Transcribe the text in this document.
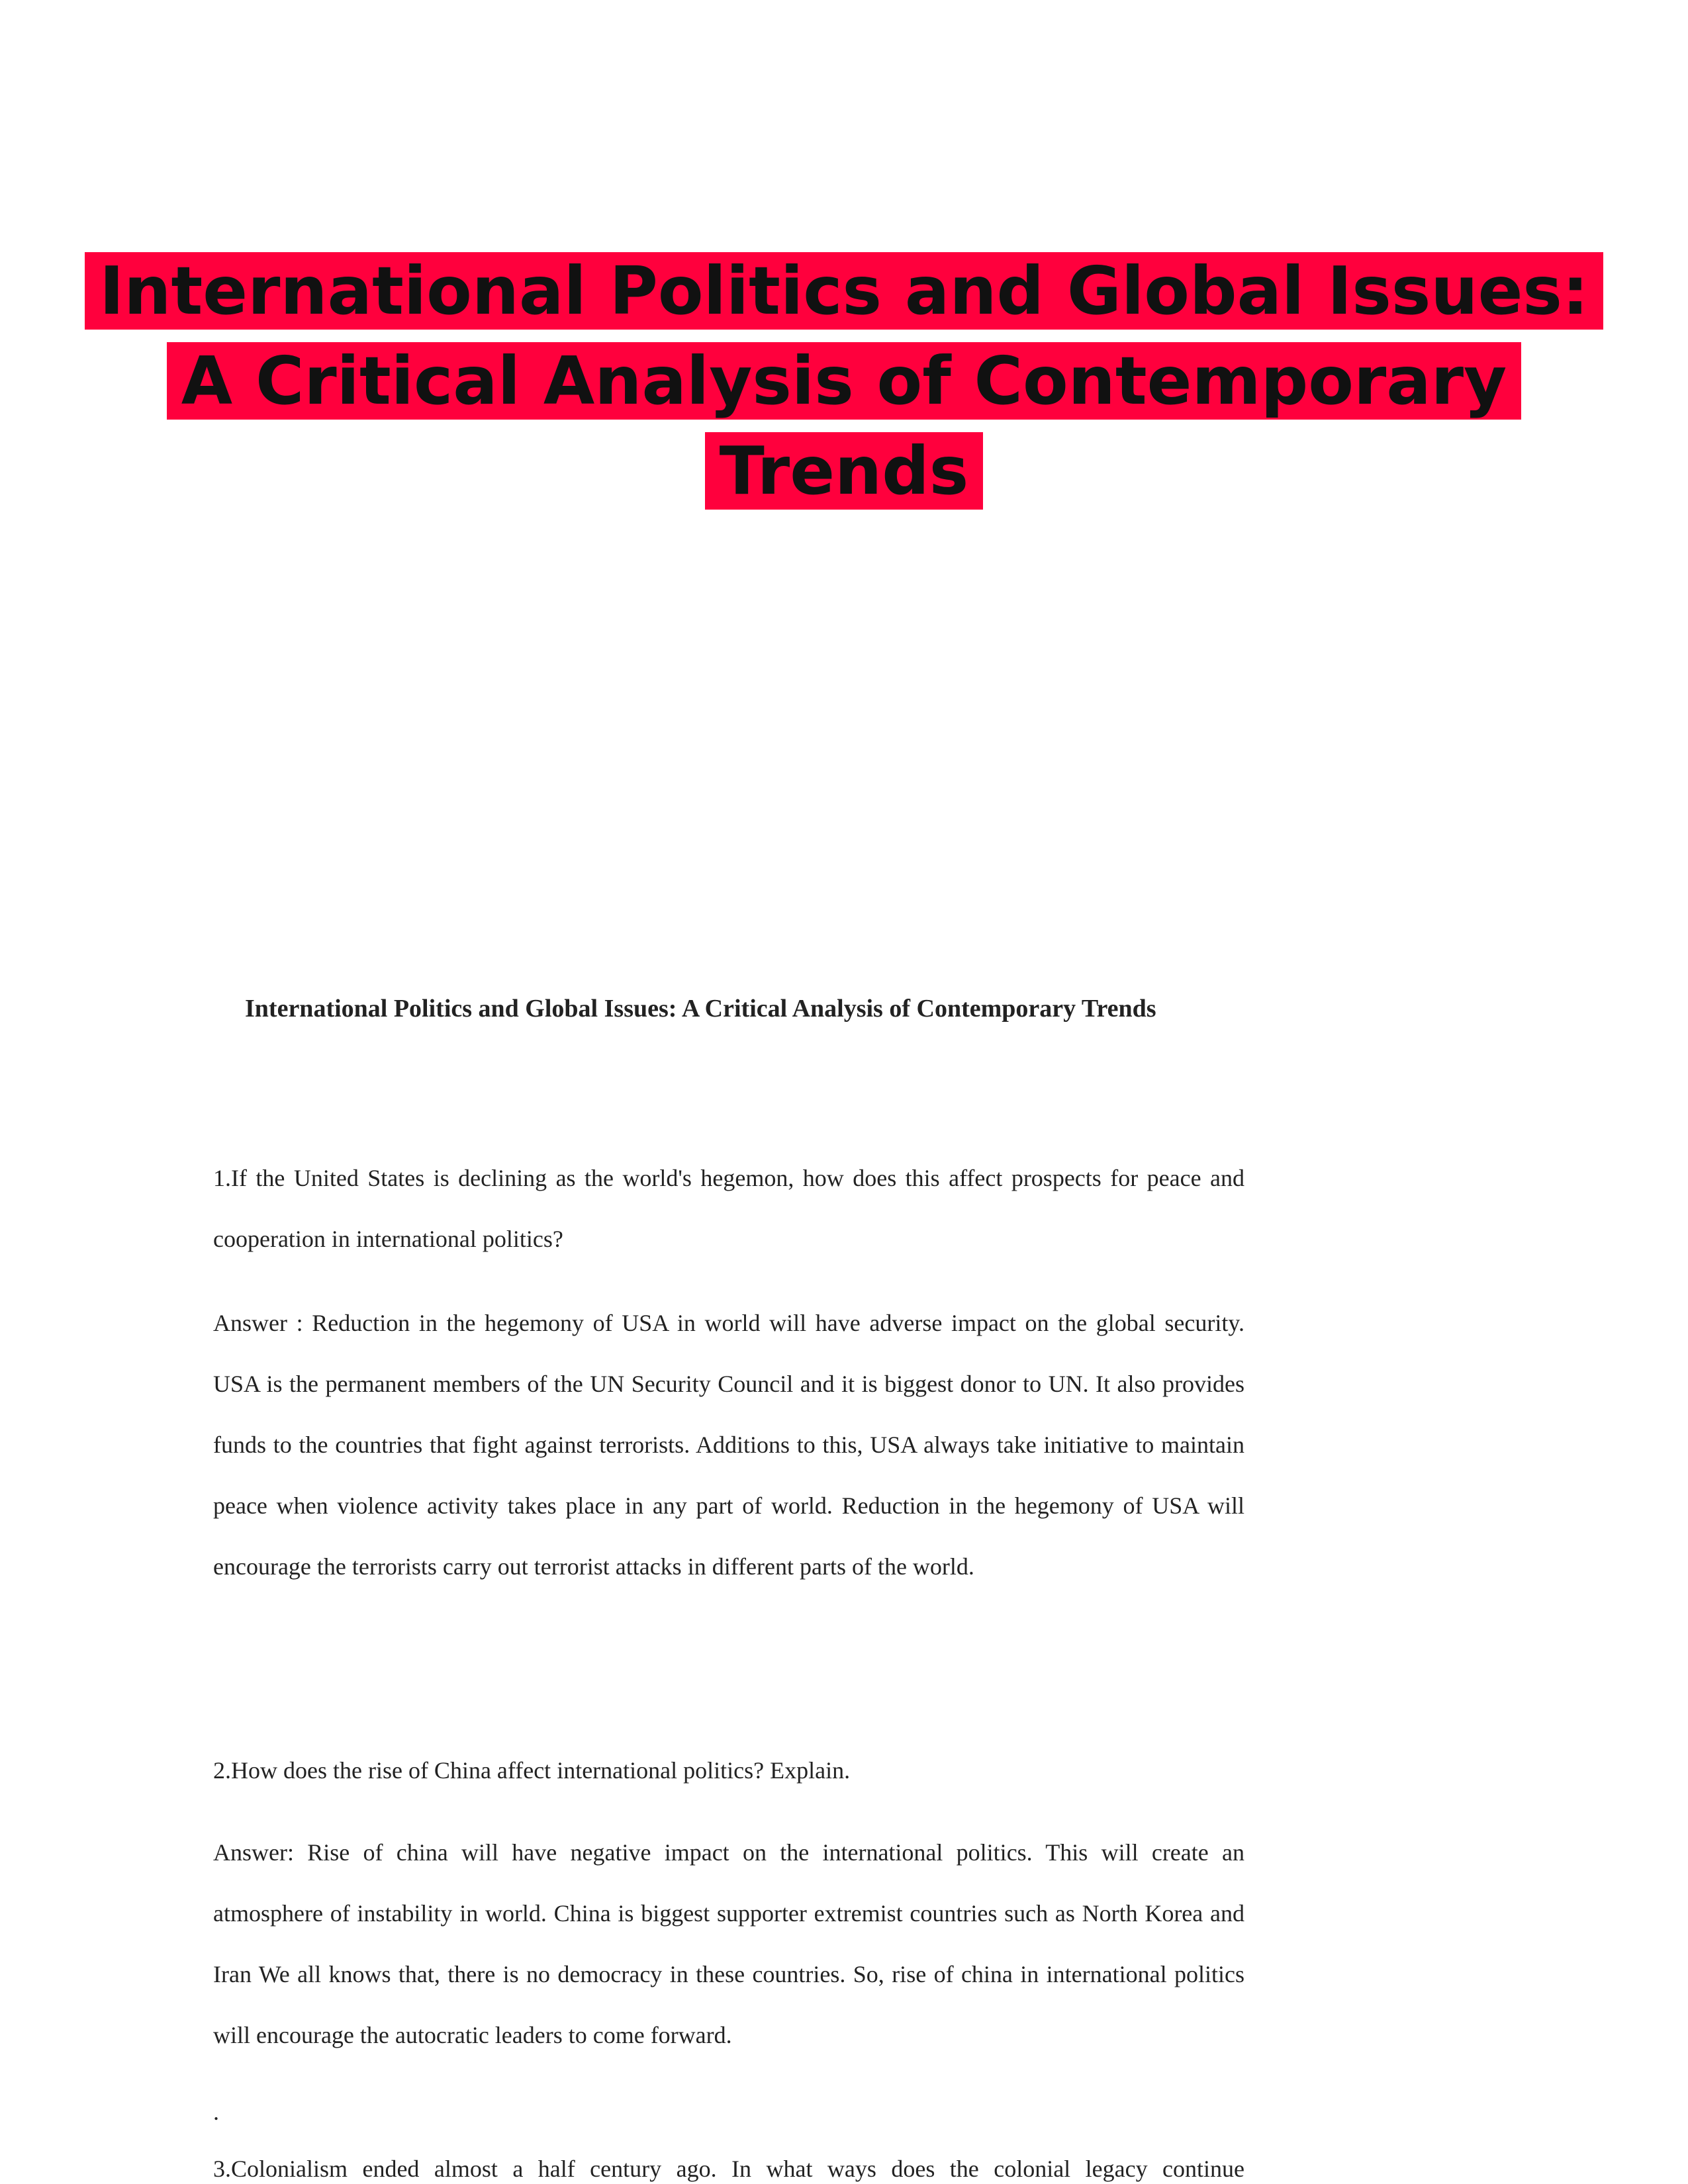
International Politics and Global Issues:
A Critical Analysis of Contemporary
Trends
International Politics and Global Issues: A Critical Analysis of Contemporary Trends

1.If the United States is declining as the world's hegemon, how does this affect prospects for peace and cooperation in international politics?

Answer : Reduction in the hegemony of USA in world will have adverse impact on the global security. USA is the permanent members of the UN Security Council and it is biggest donor to UN. It also provides funds to the countries that fight against terrorists. Additions to this, USA always take initiative to maintain peace when violence activity takes place in any part of world. Reduction in the hegemony of USA will encourage the terrorists carry out terrorist attacks in different parts of the world.

2.How does the rise of China affect international politics? Explain.

Answer: Rise of china will have negative impact on the international politics. This will create an atmosphere of instability in world. China is biggest supporter extremist countries such as North Korea and Iran We all knows that, there is no democracy in these countries. So, rise of china in international politics will encourage the autocratic leaders to come forward.

.
3.Colonialism ended almost a half century ago. In what ways does the colonial legacy continue
